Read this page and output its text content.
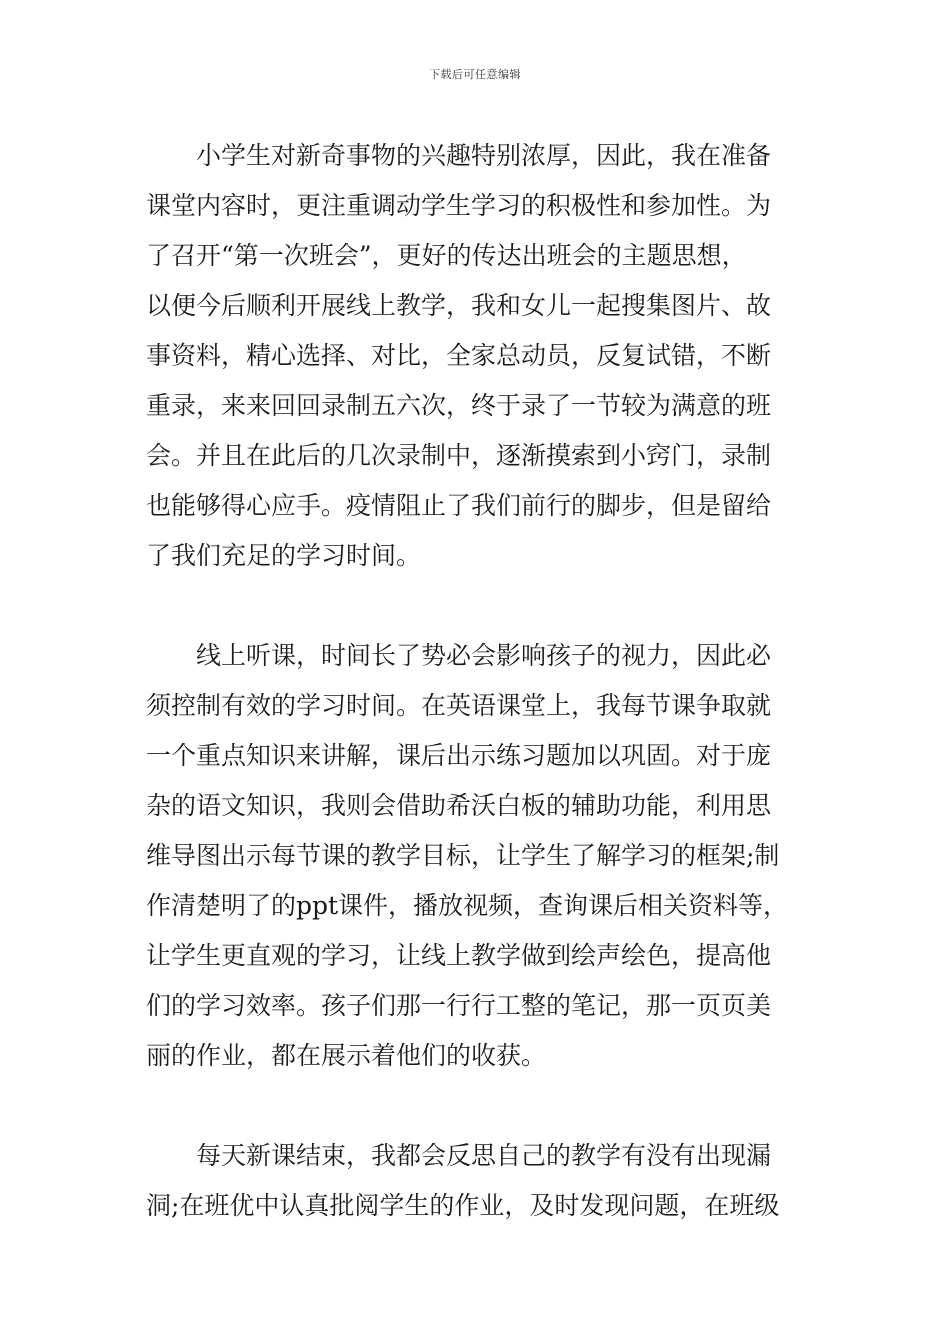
下载后可任意编辑
　　小学生对新奇事物的兴趣特别浓厚，因此，我在准备
课堂内容时，更注重调动学生学习的积极性和参加性。为
了召开“第一次班会”，更好的传达出班会的主题思想，
以便今后顺利开展线上教学，我和女儿一起搜集图片、故
事资料，精心选择、对比，全家总动员，反复试错，不断
重录，来来回回录制五六次，终于录了一节较为满意的班
会。并且在此后的几次录制中，逐渐摸索到小窍门，录制
也能够得心应手。疫情阻止了我们前行的脚步，但是留给
了我们充足的学习时间。
　　线上听课，时间长了势必会影响孩子的视力，因此必
须控制有效的学习时间。在英语课堂上，我每节课争取就
一个重点知识来讲解，课后出示练习题加以巩固。对于庞
杂的语文知识，我则会借助希沃白板的辅助功能，利用思
维导图出示每节课的教学目标，让学生了解学习的框架;制
作清楚明了的ppt课件，播放视频，查询课后相关资料等，
让学生更直观的学习，让线上教学做到绘声绘色，提高他
们的学习效率。孩子们那一行行工整的笔记，那一页页美
丽的作业，都在展示着他们的收获。
　　每天新课结束，我都会反思自己的教学有没有出现漏
洞;在班优中认真批阅学生的作业，及时发现问题，在班级
